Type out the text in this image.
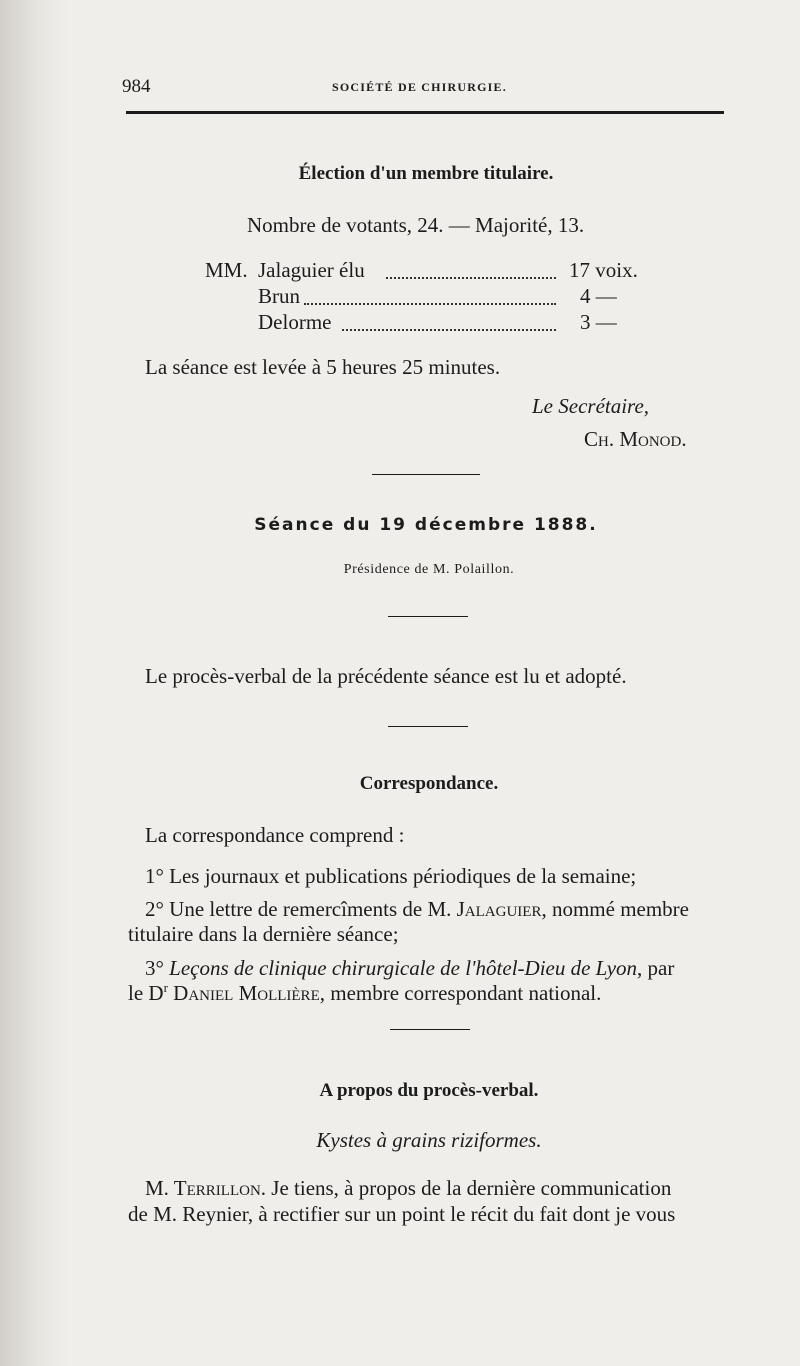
984	SOCIÉTÉ DE CHIRURGIE.
Élection d'un membre titulaire.
Nombre de votants, 24. — Majorité, 13.
MM. Jalaguier élu	17 voix.
Brun	4 —
Delorme	3 —
La séance est levée à 5 heures 25 minutes.
Le Secrétaire,
Ch. Monod.
Séance du 19 décembre 1888.
Présidence de M. Polaillon.
Le procès-verbal de la précédente séance est lu et adopté.
Correspondance.
La correspondance comprend :
1° Les journaux et publications périodiques de la semaine;
2° Une lettre de remercîments de M. Jalaguier, nommé membre
titulaire dans la dernière séance;
3° Leçons de clinique chirurgicale de l'hôtel-Dieu de Lyon, par
le $D^r$ Daniel Mollière, membre correspondant national.
A propos du procès-verbal.
Kystes à grains riziformes.
M. Terrillon. Je tiens, à propos de la dernière communication
de M. Reynier, à rectifier sur un point le récit du fait dont je vous
